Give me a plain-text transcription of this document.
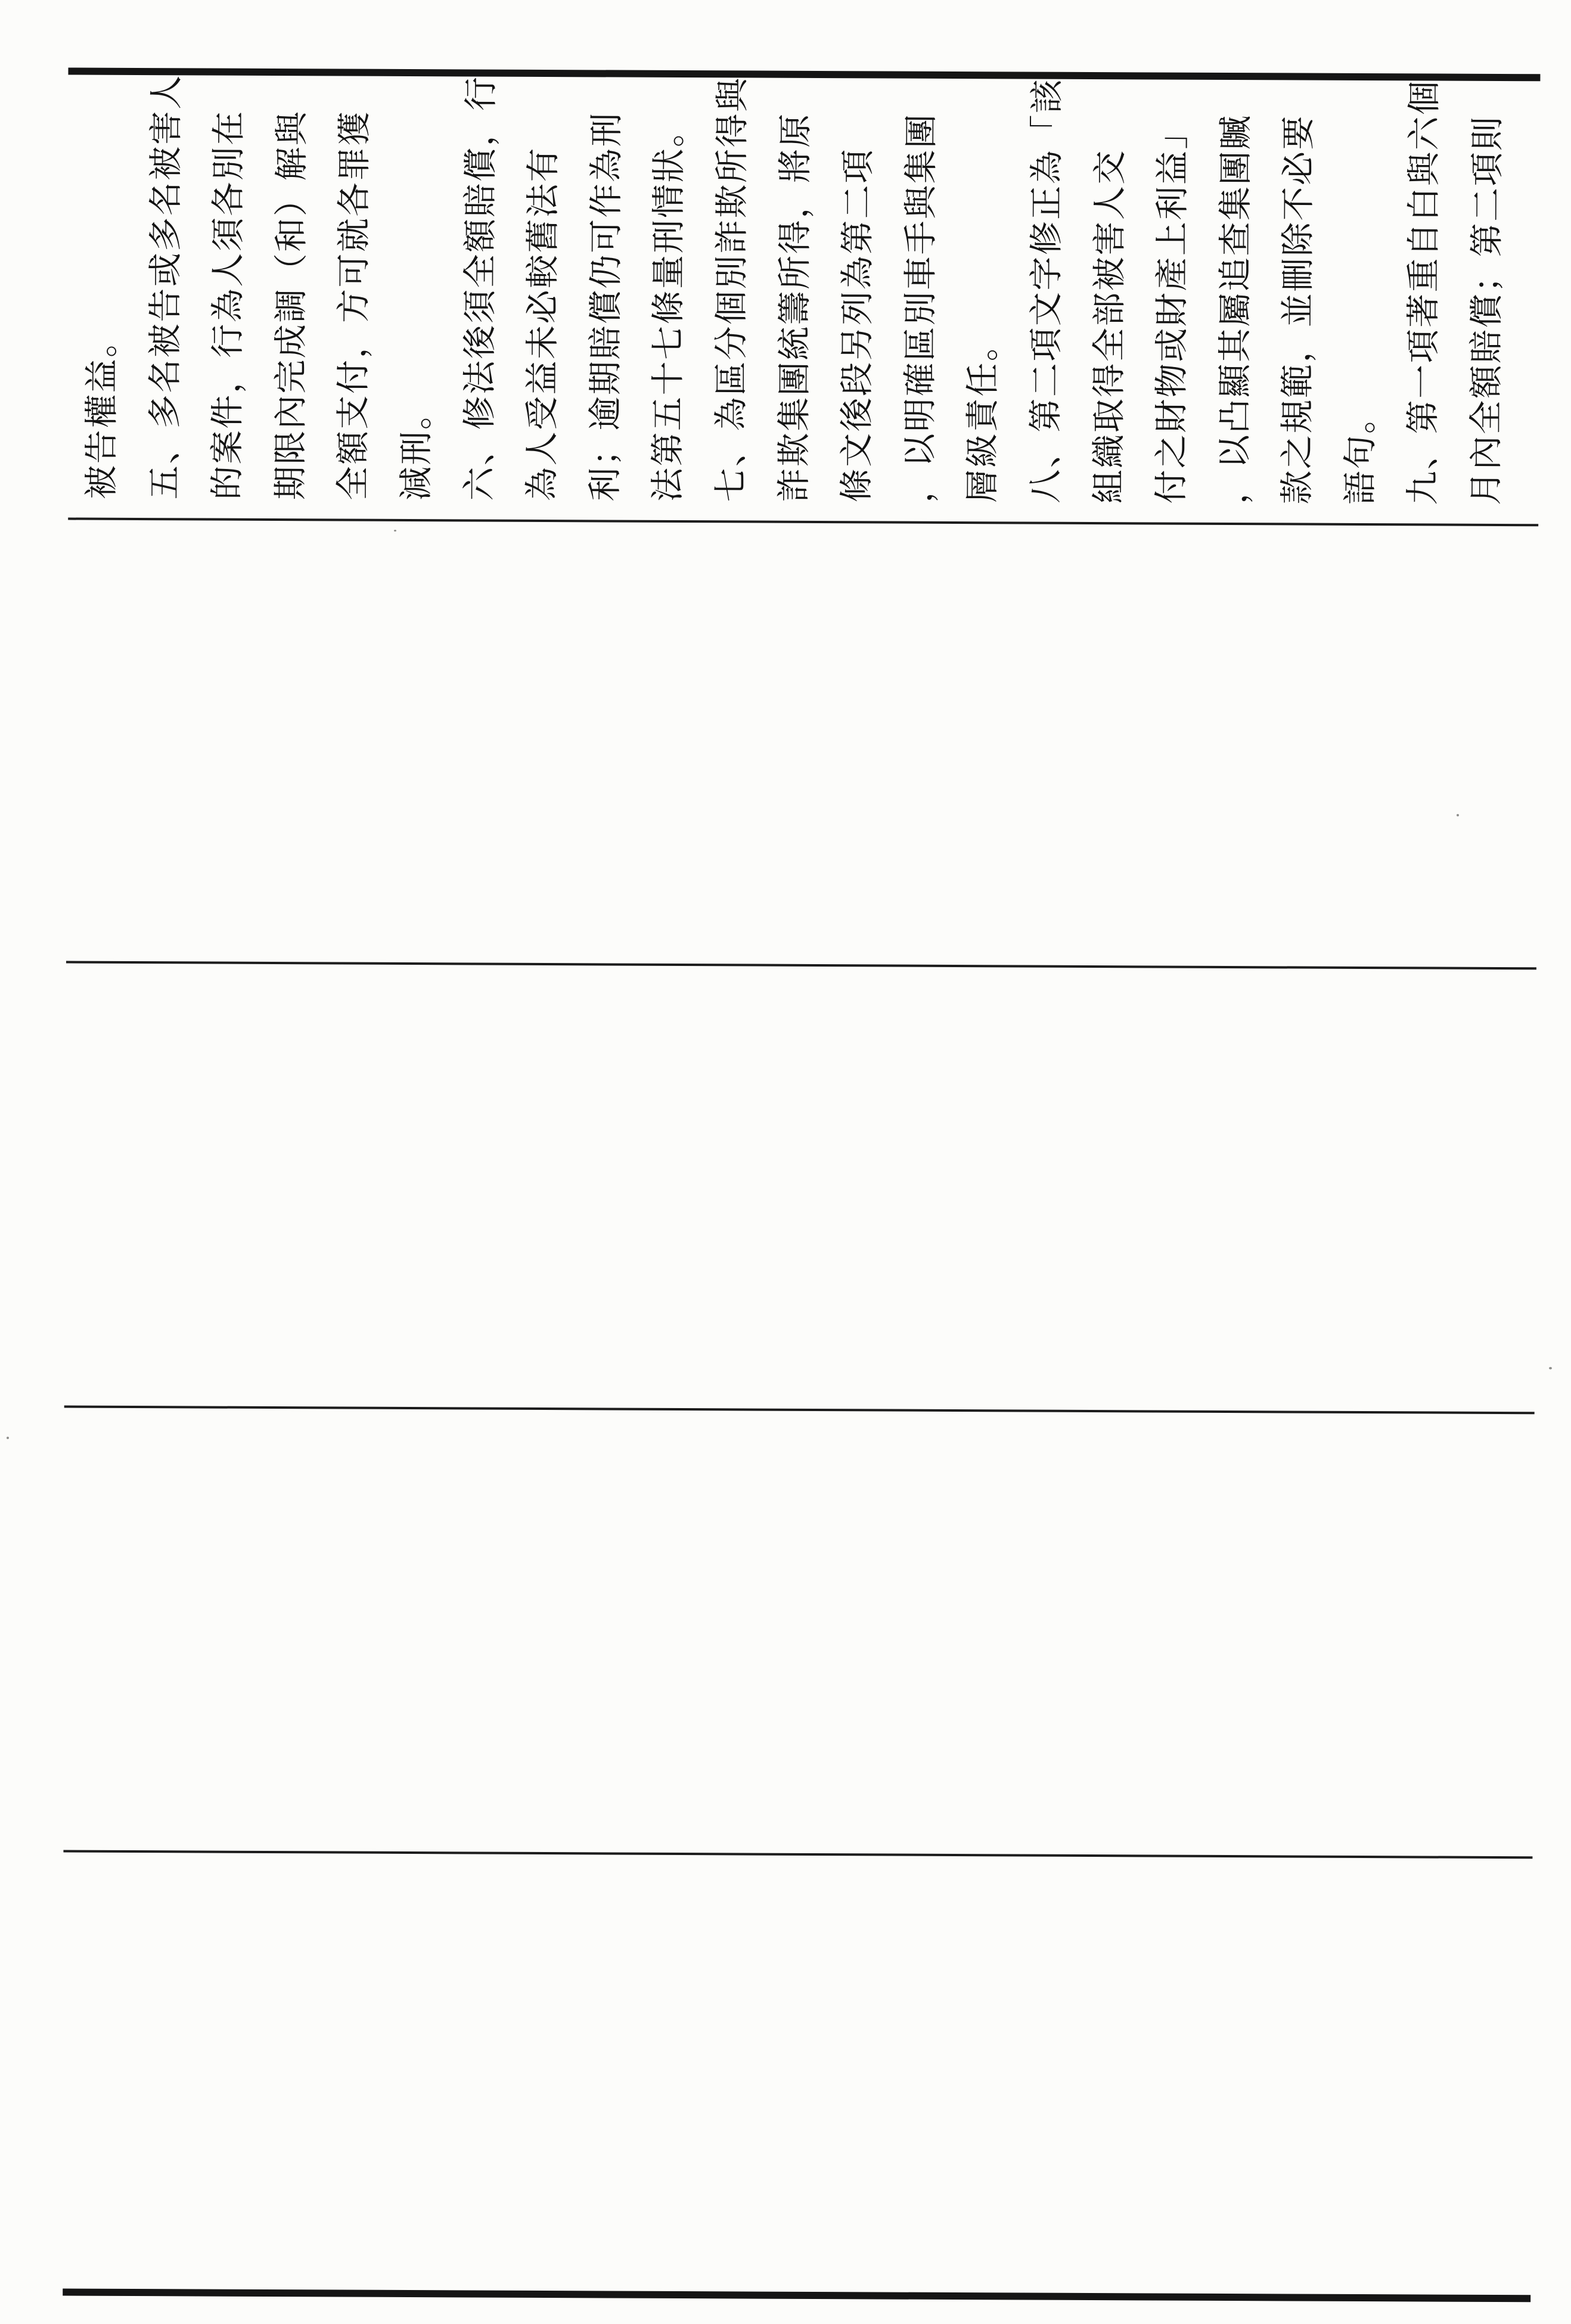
被告權益。 五、多名被告或多名被害人 的案件，行為人須各別在 期限內完成調（和）解與 全額支付，方可就各罪獲 減刑。 六、修法後須全額賠償，行 為人受益未必較舊法有 利；逾期賠償仍可作為刑 法第五十七條量刑情狀。 七、為區分個別詐欺所得與 詐欺集團統籌所得，將原 條文後段另列為第二項 ，以明確區別車手與集團 層級責任。 八、第二項文字修正為「該 組織取得全部被害人交 付之財物或財產上利益」 ，以凸顯其屬追查集團贓 款之規範，並刪除不必要 語句。 九、第一項著重自白與六個 月內全額賠償；第二項則
